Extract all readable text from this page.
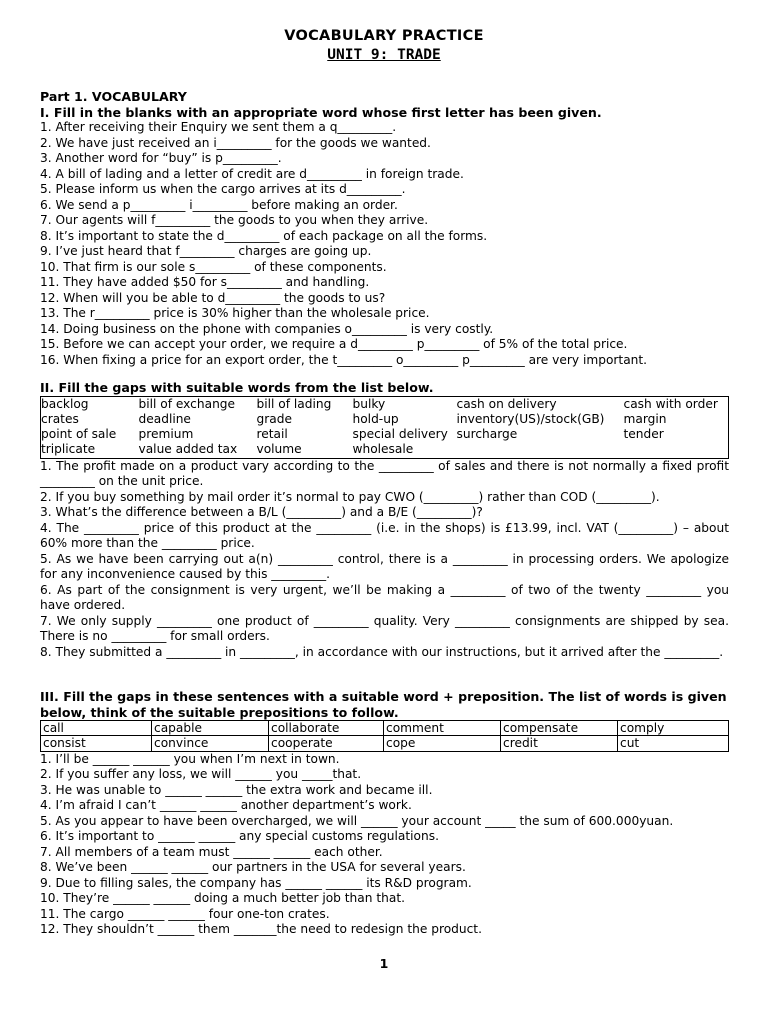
VOCABULARY PRACTICE
UNIT 9: TRADE
Part 1. VOCABULARY
I. Fill in the blanks with an appropriate word whose first letter has been given.
1. After receiving their Enquiry we sent them a q_________.
2. We have just received an i_________ for the goods we wanted.
3. Another word for “buy” is p_________.
4. A bill of lading and a letter of credit are d_________ in foreign trade.
5. Please inform us when the cargo arrives at its d_________.
6. We send a p_________ i_________ before making an order.
7. Our agents will f_________ the goods to you when they arrive.
8. It’s important to state the d_________ of each package on all the forms.
9. I’ve just heard that f_________ charges are going up.
10. That firm is our sole s_________ of these components.
11. They have added $50 for s_________ and handling.
12. When will you be able to d_________ the goods to us?
13. The r_________ price is 30% higher than the wholesale price.
14. Doing business on the phone with companies o_________ is very costly.
15. Before we can accept your order, we require a d_________ p_________ of 5% of the total price.
16. When fixing a price for an export order, the t_________ o_________ p_________ are very important.
II. Fill the gaps with suitable words from the list below.
backlog	bill of exchange	bill of lading	bulky	cash on delivery	cash with order
crates	deadline	grade	hold-up	inventory(US)/stock(GB)	margin
point of sale	premium	retail	special delivery	surcharge	tender
triplicate	value added tax	volume	wholesale		
1. The profit made on a product vary according to the _________ of sales and there is not normally a fixed profit _________ on the unit price.
2. If you buy something by mail order it’s normal to pay CWO (_________) rather than COD (_________).
3. What’s the difference between a B/L (_________) and a B/E (_________)?
4. The _________ price of this product at the _________ (i.e. in the shops) is £13.99, incl. VAT (_________) – about 60% more than the _________ price.
5. As we have been carrying out a(n) _________ control, there is a _________ in processing orders. We apologize for any inconvenience caused by this _________.
6. As part of the consignment is very urgent, we’ll be making a _________ of two of the twenty _________ you have ordered.
7. We only supply _________ one product of _________ quality. Very _________ consignments are shipped by sea. There is no _________ for small orders.
8. They submitted a _________ in _________, in accordance with our instructions, but it arrived after the _________.
III. Fill the gaps in these sentences with a suitable word + preposition. The list of words is given below, think of the suitable prepositions to follow.
call	capable	collaborate	comment	compensate	comply
consist	convince	cooperate	cope	credit	cut
1. I’ll be ______ ______ you when I’m next in town.
2. If you suffer any loss, we will ______ you _____that.
3. He was unable to ______ ______ the extra work and became ill.
4. I’m afraid I can’t ______ ______ another department’s work.
5. As you appear to have been overcharged, we will ______ your account _____ the sum of 600.000yuan.
6. It’s important to ______ ______ any special customs regulations.
7. All members of a team must ______ ______ each other.
8. We’ve been ______ ______ our partners in the USA for several years.
9. Due to filling sales, the company has ______ ______ its R&D program.
10. They’re ______ ______ doing a much better job than that.
11. The cargo ______ ______ four one-ton crates.
12. They shouldn’t ______ them _______the need to redesign the product.
1
